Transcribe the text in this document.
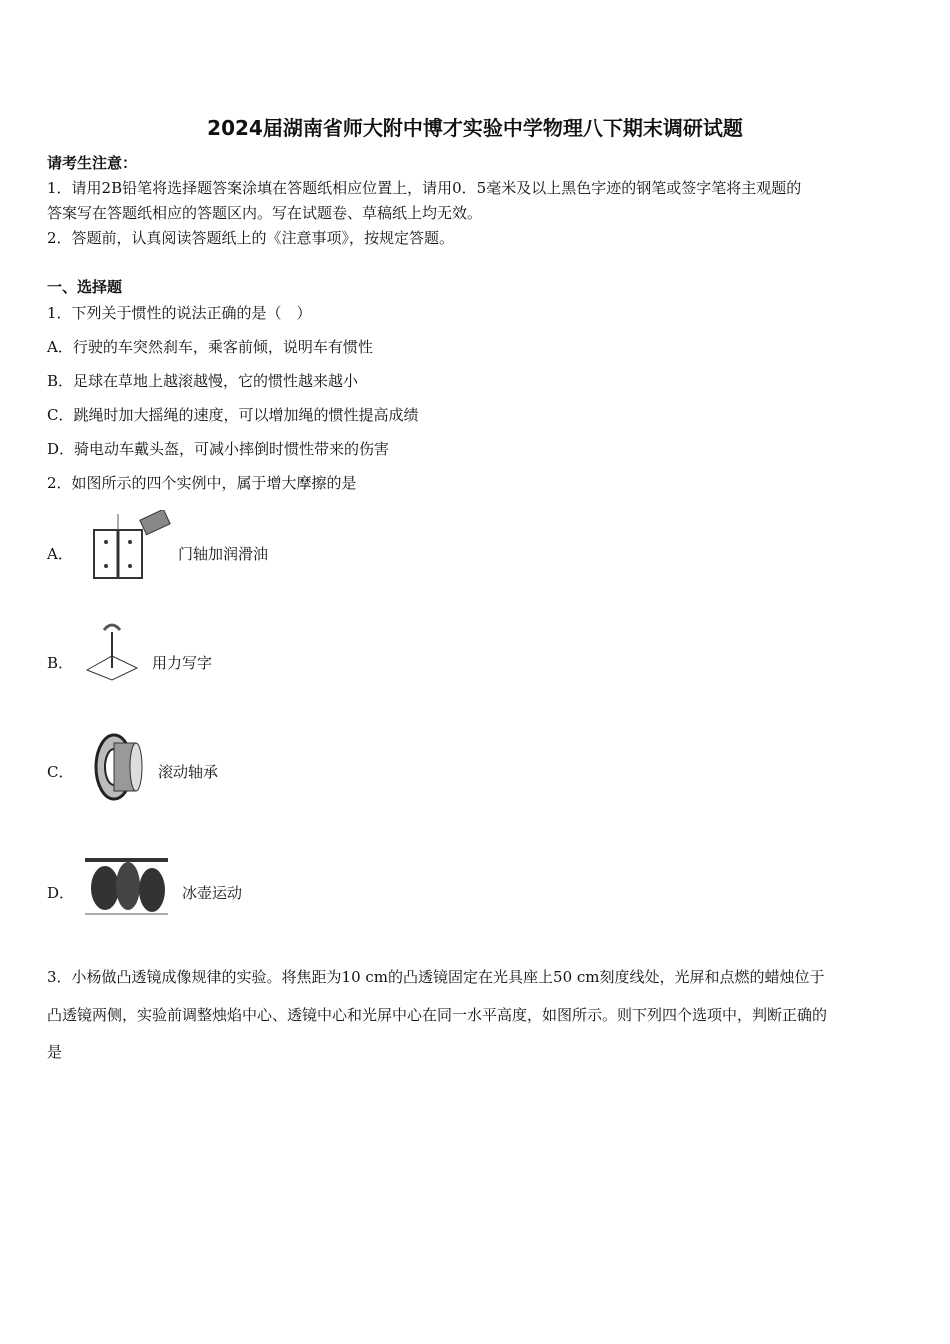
2024届湖南省师大附中博才实验中学物理八下期末调研试题
请考生注意：
1．请用2B铅笔将选择题答案涂填在答题纸相应位置上，请用0．5毫米及以上黑色字迹的钢笔或签字笔将主观题的
答案写在答题纸相应的答题区内。写在试题卷、草稿纸上均无效。
2．答题前，认真阅读答题纸上的《注意事项》，按规定答题。
一、选择题
1．下列关于惯性的说法正确的是（　）
A．行驶的车突然刹车，乘客前倾，说明车有惯性
B．足球在草地上越滚越慢，它的惯性越来越小
C．跳绳时加大摇绳的速度，可以增加绳的惯性提高成绩
D．骑电动车戴头盔，可减小摔倒时惯性带来的伤害
2．如图所示的四个实例中，属于增大摩擦的是
A．	门轴加润滑油
B．	用力写字
C．	滚动轴承
D．	冰壶运动
3．小杨做凸透镜成像规律的实验。将焦距为10 cm的凸透镜固定在光具座上50 cm刻度线处，光屏和点燃的蜡烛位于
凸透镜两侧，实验前调整烛焰中心、透镜中心和光屏中心在同一水平高度，如图所示。则下列四个选项中，判断正确的
是
